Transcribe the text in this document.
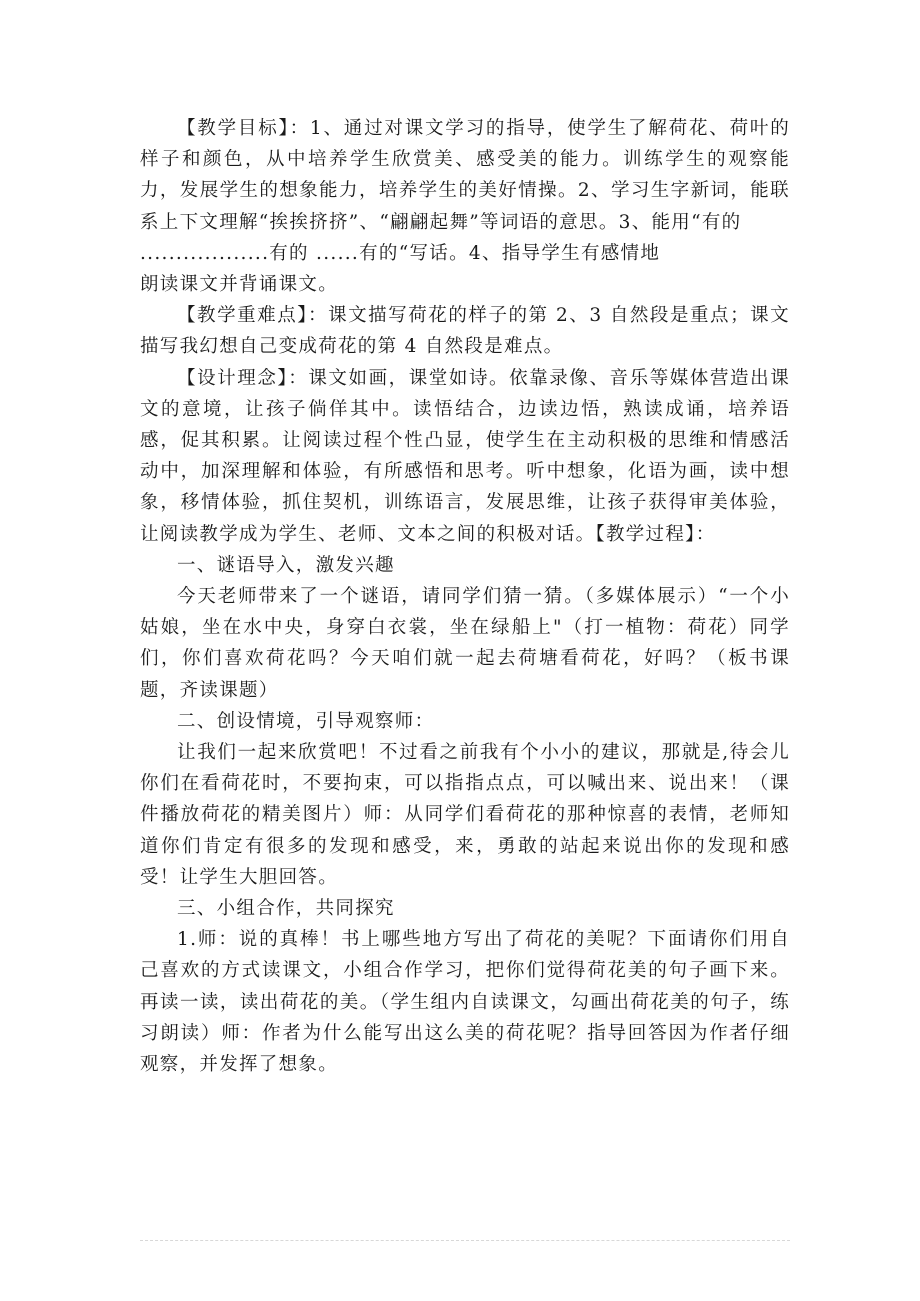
【教学目标】：1、通过对课文学习的指导，使学生了解荷花、荷叶的样子和颜色，从中培养学生欣赏美、感受美的能力。训练学生的观察能力，发展学生的想象能力，培养学生的美好情操。2、学习生字新词，能联系上下文理解“挨挨挤挤”、“翩翩起舞”等词语的意思。3、能用“有的
..................有的 ......有的“写话。4、指导学生有感情地
朗读课文并背诵课文。

【教学重难点】：课文描写荷花的样子的第 2、3 自然段是重点；课文描写我幻想自己变成荷花的第 4 自然段是难点。

【设计理念】：课文如画，课堂如诗。依靠录像、音乐等媒体营造出课文的意境，让孩子倘佯其中。读悟结合，边读边悟，熟读成诵，培养语感，促其积累。让阅读过程个性凸显，使学生在主动积极的思维和情感活动中，加深理解和体验，有所感悟和思考。听中想象，化语为画，读中想象，移情体验，抓住契机，训练语言，发展思维，让孩子获得审美体验，让阅读教学成为学生、老师、文本之间的积极对话。【教学过程】：

一、谜语导入，激发兴趣

今天老师带来了一个谜语，请同学们猜一猜。（多媒体展示）“一个小姑娘，坐在水中央，身穿白衣裳，坐在绿船上"（打一植物：荷花）同学们，你们喜欢荷花吗？今天咱们就一起去荷塘看荷花，好吗？（板书课题，齐读课题）

二、创设情境，引导观察师：

让我们一起来欣赏吧！不过看之前我有个小小的建议，那就是,待会儿你们在看荷花时，不要拘束，可以指指点点，可以喊出来、说出来！（课件播放荷花的精美图片）师：从同学们看荷花的那种惊喜的表情，老师知道你们肯定有很多的发现和感受，来，勇敢的站起来说出你的发现和感受！让学生大胆回答。

三、小组合作，共同探究

1.师：说的真棒！书上哪些地方写出了荷花的美呢？下面请你们用自己喜欢的方式读课文，小组合作学习，把你们觉得荷花美的句子画下来。再读一读，读出荷花的美。（学生组内自读课文，勾画出荷花美的句子，练习朗读）师：作者为什么能写出这么美的荷花呢？指导回答因为作者仔细观察，并发挥了想象。
